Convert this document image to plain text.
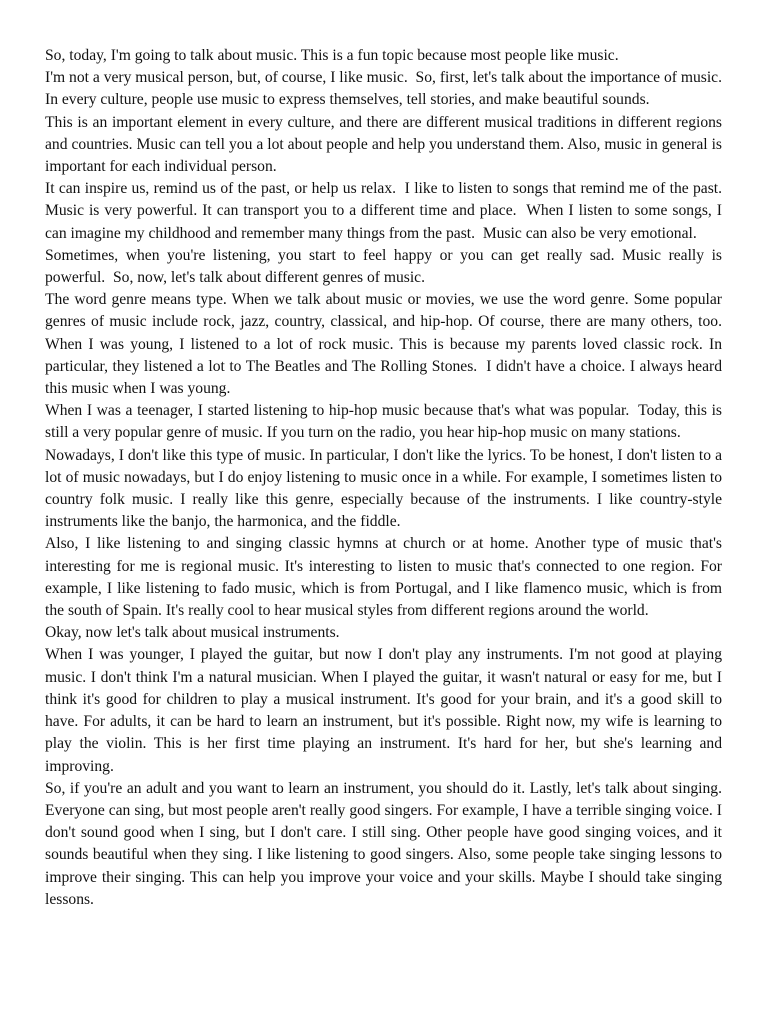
So, today, I'm going to talk about music. This is a fun topic because most people like music.

I'm not a very musical person, but, of course, I like music.  So, first, let's talk about the importance of music.  In every culture, people use music to express themselves, tell stories, and make beautiful sounds.

This is an important element in every culture, and there are different musical traditions in different regions and countries. Music can tell you a lot about people and help you understand them. Also, music in general is important for each individual person.

It can inspire us, remind us of the past, or help us relax.  I like to listen to songs that remind me of the past.  Music is very powerful. It can transport you to a different time and place.  When I listen to some songs, I can imagine my childhood and remember many things from the past.  Music can also be very emotional.

Sometimes, when you're listening, you start to feel happy or you can get really sad. Music really is powerful.  So, now, let's talk about different genres of music.

The word genre means type. When we talk about music or movies, we use the word genre. Some popular genres of music include rock, jazz, country, classical, and hip-hop. Of course, there are many others, too. When I was young, I listened to a lot of rock music. This is because my parents loved classic rock. In particular, they listened a lot to The Beatles and The Rolling Stones.  I didn't have a choice. I always heard this music when I was young.

When I was a teenager, I started listening to hip-hop music because that's what was popular.  Today, this is still a very popular genre of music. If you turn on the radio, you hear hip-hop music on many stations.

Nowadays, I don't like this type of music. In particular, I don't like the lyrics. To be honest, I don't listen to a lot of music nowadays, but I do enjoy listening to music once in a while. For example, I sometimes listen to country folk music. I really like this genre, especially because of the instruments. I like country-style instruments like the banjo, the harmonica, and the fiddle.

Also, I like listening to and singing classic hymns at church or at home. Another type of music that's interesting for me is regional music. It's interesting to listen to music that's connected to one region. For example, I like listening to fado music, which is from Portugal, and I like flamenco music, which is from the south of Spain. It's really cool to hear musical styles from different regions around the world.

Okay, now let's talk about musical instruments.

When I was younger, I played the guitar, but now I don't play any instruments. I'm not good at playing music. I don't think I'm a natural musician. When I played the guitar, it wasn't natural or easy for me, but I think it's good for children to play a musical instrument. It's good for your brain, and it's a good skill to have. For adults, it can be hard to learn an instrument, but it's possible. Right now, my wife is learning to play the violin. This is her first time playing an instrument. It's hard for her, but she's learning and improving.

So, if you're an adult and you want to learn an instrument, you should do it. Lastly, let's talk about singing. Everyone can sing, but most people aren't really good singers. For example, I have a terrible singing voice. I don't sound good when I sing, but I don't care. I still sing. Other people have good singing voices, and it sounds beautiful when they sing. I like listening to good singers. Also, some people take singing lessons to improve their singing. This can help you improve your voice and your skills. Maybe I should take singing lessons.
